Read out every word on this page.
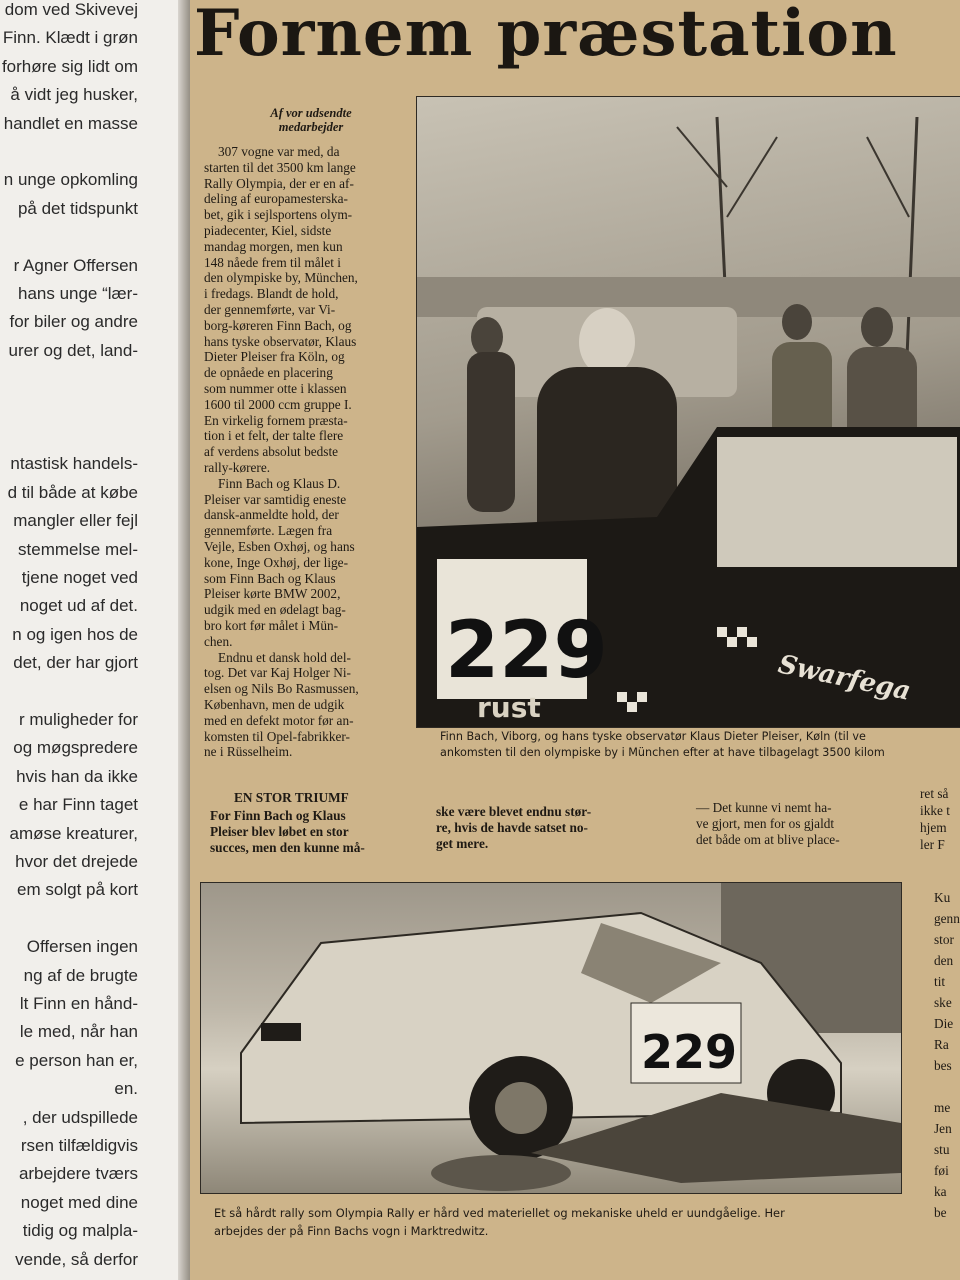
dom ved Skivevej
Finn. Klædt i grøn
forhøre sig lidt om
å vidt jeg husker,
handlet en masse
n unge opkomling
på det tidspunkt
r Agner Offersen
hans unge “lær-
for biler og andre
urer og det, land-
ntastisk handels-
d til både at købe
mangler eller fejl
stemmelse mel-
tjene noget ved
noget ud af det.
n og igen hos de
det, der har gjort
r muligheder for
og møgspredere
hvis han da ikke
e har Finn taget
amøse kreaturer,
hvor det drejede
em solgt på kort
Offersen ingen
ng af de brugte
lt Finn en hånd-
le med, når han
e person han er,
en.
, der udspillede
rsen tilfældigvis
arbejdere tværs
noget med dine
tidig og malpla-
vende, så derfor
Fornem præstation
Af vor udsendte
medarbejder
307 vogne var med, da
starten til det 3500 km lange
Rally Olympia, der er en af-
deling af europamesterska-
bet, gik i sejlsportens olym-
piadecenter, Kiel, sidste
mandag morgen, men kun
148 nåede frem til målet i
den olympiske by, München,
i fredags. Blandt de hold,
der gennemførte, var Vi-
borg-køreren Finn Bach, og
hans tyske observatør, Klaus
Dieter Pleiser fra Köln, og
de opnåede en placering
som nummer otte i klassen
1600 til 2000 ccm gruppe I.
En virkelig fornem præsta-
tion i et felt, der talte flere
af verdens absolut bedste
rally-kørere.
Finn Bach og Klaus D.
Pleiser var samtidig eneste
dansk-anmeldte hold, der
gennemførte. Lægen fra
Vejle, Esben Oxhøj, og hans
kone, Inge Oxhøj, der lige-
som Finn Bach og Klaus
Pleiser kørte BMW 2002,
udgik med en ødelagt bag-
bro kort før målet i Mün-
chen.
Endnu et dansk hold del-
tog. Det var Kaj Holger Ni-
elsen og Nils Bo Rasmussen,
København, men de udgik
med en defekt motor før an-
komsten til Opel-fabrikker-
ne i Rüsselheim.
229
rust
Swarfega
Finn Bach, Viborg, og hans tyske observatør Klaus Dieter Pleiser, Køln (til ve
ankomsten til den olympiske by i München efter at have tilbagelagt 3500 kilom
EN STOR TRIUMF
For Finn Bach og Klaus
Pleiser blev løbet en stor
succes, men den kunne må-
ske være blevet endnu stør-
re, hvis de havde satset no-
get mere.
— Det kunne vi nemt ha-
ve gjort, men for os gjaldt
det både om at blive place-
ret så
ikke t
hjem
ler F
229
Et så hårdt rally som Olympia Rally er hård ved materiellet og mekaniske uheld er uundgåelige. Her
arbejdes der på Finn Bachs vogn i Marktredwitz.
Ku
genn
stor
den
tit
ske
Die
Ra
bes
me
Jen
stu
føi
ka
be
